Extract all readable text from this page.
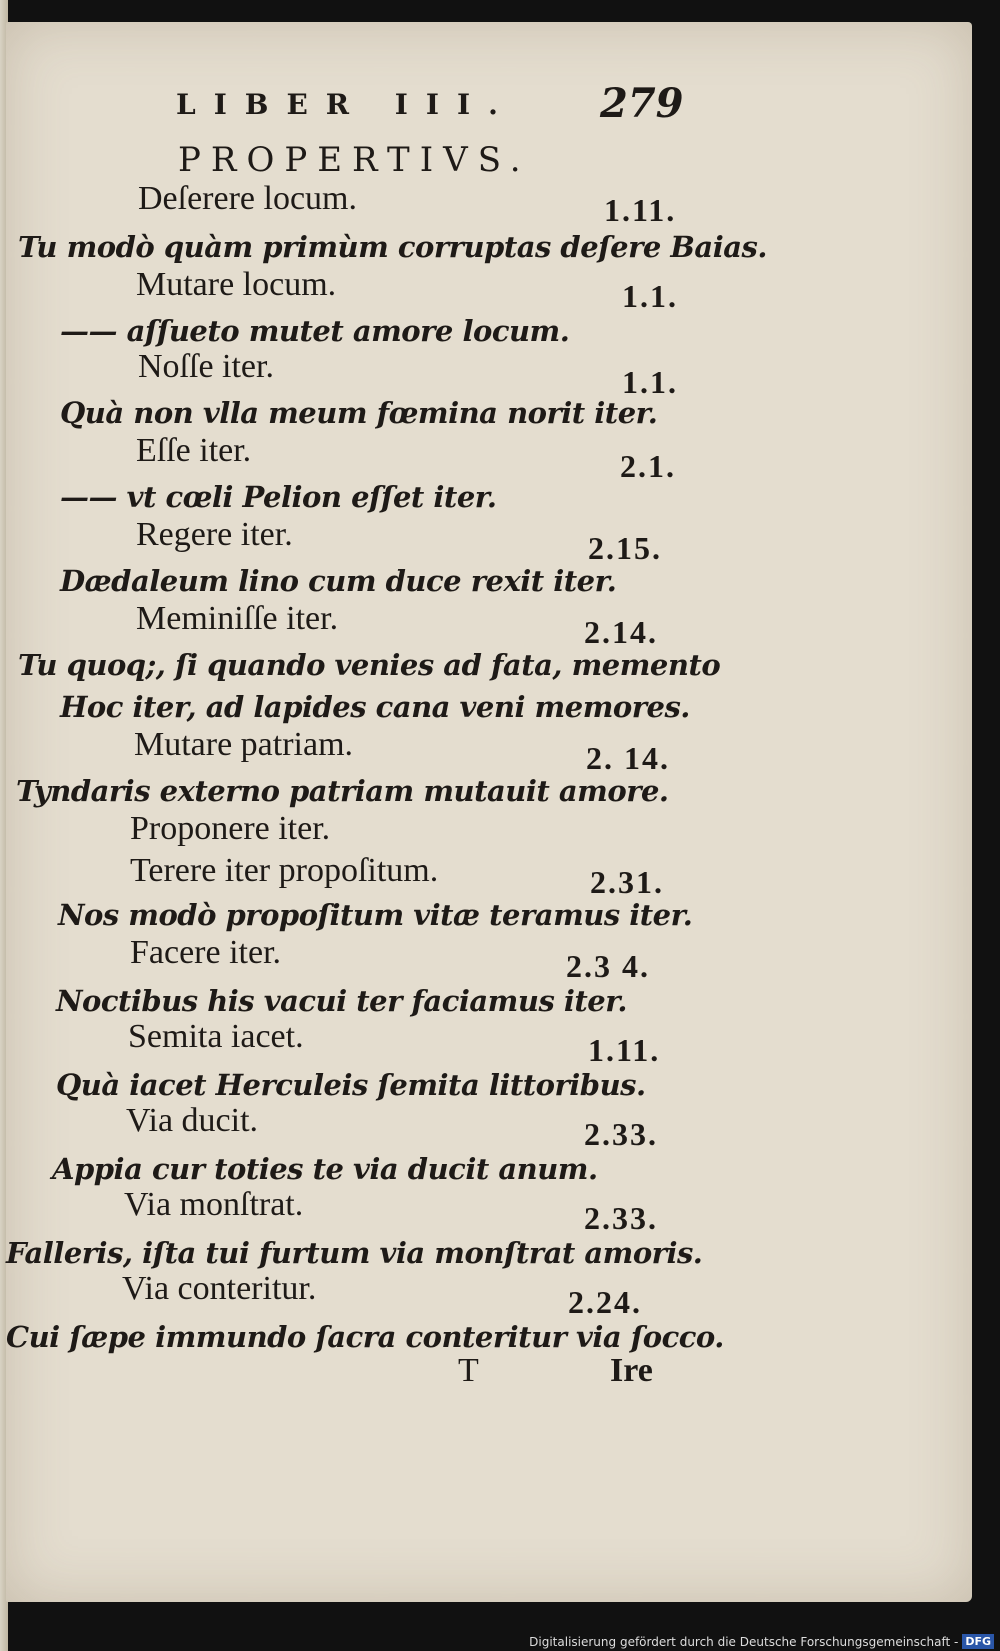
LIBER III. 279
PROPERTIVS.
Deſerere locum.	1.11.
Tu modò quàm primùm corruptas deſere Baias.
Mutare locum.	1.1.
—— aſſueto mutet amore locum.
Noſſe iter.	1.1.
Quà non vlla meum fœmina norit iter.
Eſſe iter.	2.1.
—— vt cœli Pelion eſſet iter.
Regere iter.	2.15.
Dædaleum lino cum duce rexit iter.
Meminiſſe iter.	2.14.
Tu quoq;, ſi quando venies ad fata, memento
Hoc iter, ad lapides cana veni memores.
Mutare patriam.	2. 14.
Tyndaris externo patriam mutauit amore.
Proponere iter.
Terere iter propoſitum.	2.31.
Nos modò propoſitum vitæ teramus iter.
Facere iter.	2.3 4.
Noctibus his vacui ter faciamus iter.
Semita iacet.	1.11.
Quà iacet Herculeis ſemita littoribus.
Via ducit.	2.33.
Appia cur toties te via ducit anum.
Via monſtrat.	2.33.
Falleris, iſta tui furtum via monſtrat amoris.
Via conteritur.	2.24.
Cui ſæpe immundo ſacra conteritur via ſocco.
T	Ire
Digitalisierung gefördert durch die Deutsche Forschungsgemeinschaft - DFG
